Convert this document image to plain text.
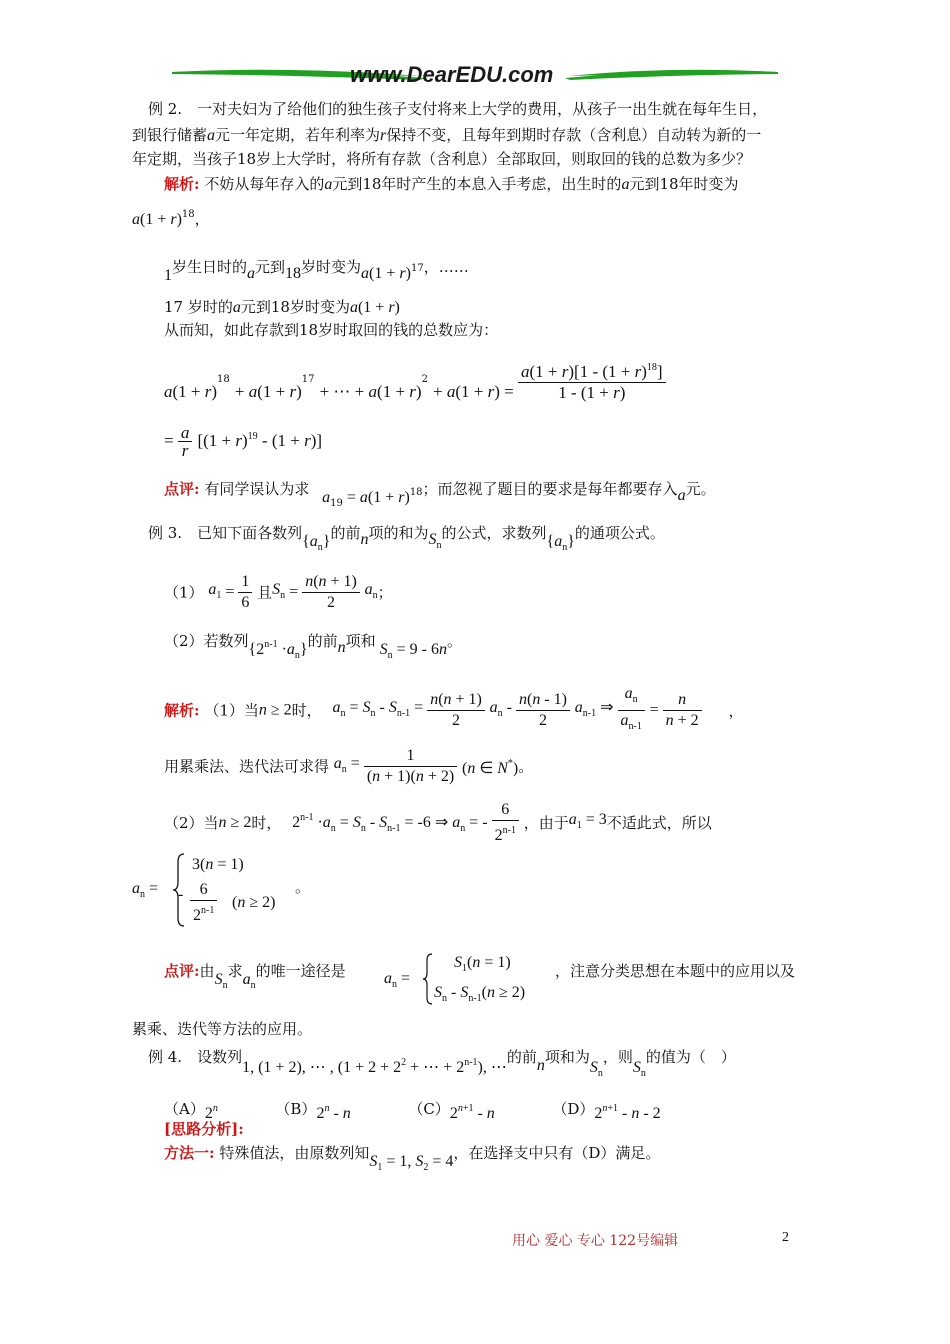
www.DearEDU.com
例 2.　一对夫妇为了给他们的独生孩子支付将来上大学的费用，从孩子一出生就在每年生日，
到银行储蓄a元一年定期，若年利率为r保持不变，且每年到期时存款（含利息）自动转为新的一
年定期，当孩子18岁上大学时，将所有存款（含利息）全部取回，则取回的钱的总数为多少？
解析: 不妨从每年存入的a元到18年时产生的本息入手考虑，出生时的a元到18年时变为
$a(1 + r)^{18}$，
1岁生日时的a元到18岁时变为$a(1 + r)^{17}$，……
17 岁时的a元到18岁时变为a(1 + r)
从而知，如此存款到18岁时取回的钱的总数应为：
$a(1 + r)^{18} + a(1 + r)^{17}$ + ⋯ + $a(1 + r)^2 + a(1 + r) = \frac{a(1 + r)[1 - (1 + r)^{18}]}{1 - (1 + r)}$
= $\frac{a}{r} [(1 + r)^{19} - (1 + r)]$
点评: 有同学误认为求 $a_{19} = a(1 + r)^{18}$；而忽视了题目的要求是每年都要存入a元。
例 3.　已知下面各数列$\{a_n\}$的前n项的和为$S_n$的公式，求数列$\{a_n\}$的通项公式。
（1） $a_1 = \frac{1}{6}$ 且$S_n = \frac{n(n + 1)}{2} a_n$；
（2）若数列$\{2^{n-1} \cdot a_n\}$的前n项和 $S_n = 9 - 6n$。
解析: （1）当n ≥ 2时， $a_n = S_n - S_{n-1} = \frac{n(n + 1)}{2} a_n - \frac{n(n - 1)}{2} a_{n-1}$ ⇒ $\frac{a_n}{a_{n-1}} = \frac{n}{n + 2}$ ，
用累乘法、迭代法可求得 $a_n = \frac{1}{(n + 1)(n + 2)} (n$ ∈ N*)。
（2）当n ≥ 2时， $2^{n-1} \cdot a_n = S_n - S_{n-1} = -6$ ⇒ $a_n$ = - $\frac{6}{2^{n-1}}$ ，由于$a_1 = 3$不适此式，所以
$a_n$ =
3(n = 1)
- $\frac{6}{2^{n-1}} (n \ge 2)$
。
点评:由$S_n$求$a_n$的唯一途径是 $a_n$ =
$S_1(n = 1)$
$S_n - S_{n-1}(n \ge 2)$
，注意分类思想在本题中的应用以及
累乘、迭代等方法的应用。
例 4.　设数列1, (1 + 2), ⋯ , ($1 + 2 + 2^2$ + ⋯ + $2^{n-1}$), ⋯的前n项和为$S_n$，则$S_n$的值为（　）
（A）2$^n$	（B）2$^n$ - n	$(C)2^{n+1}$ - n	$(D)2^{n+1}$ - n - 2
[思路分析]:
方法一: 特殊值法，由原数列知$S_1 = 1$, $S_2 = 4$，在选择支中只有（D）满足。
用心 爱心 专心 122号编辑	2
